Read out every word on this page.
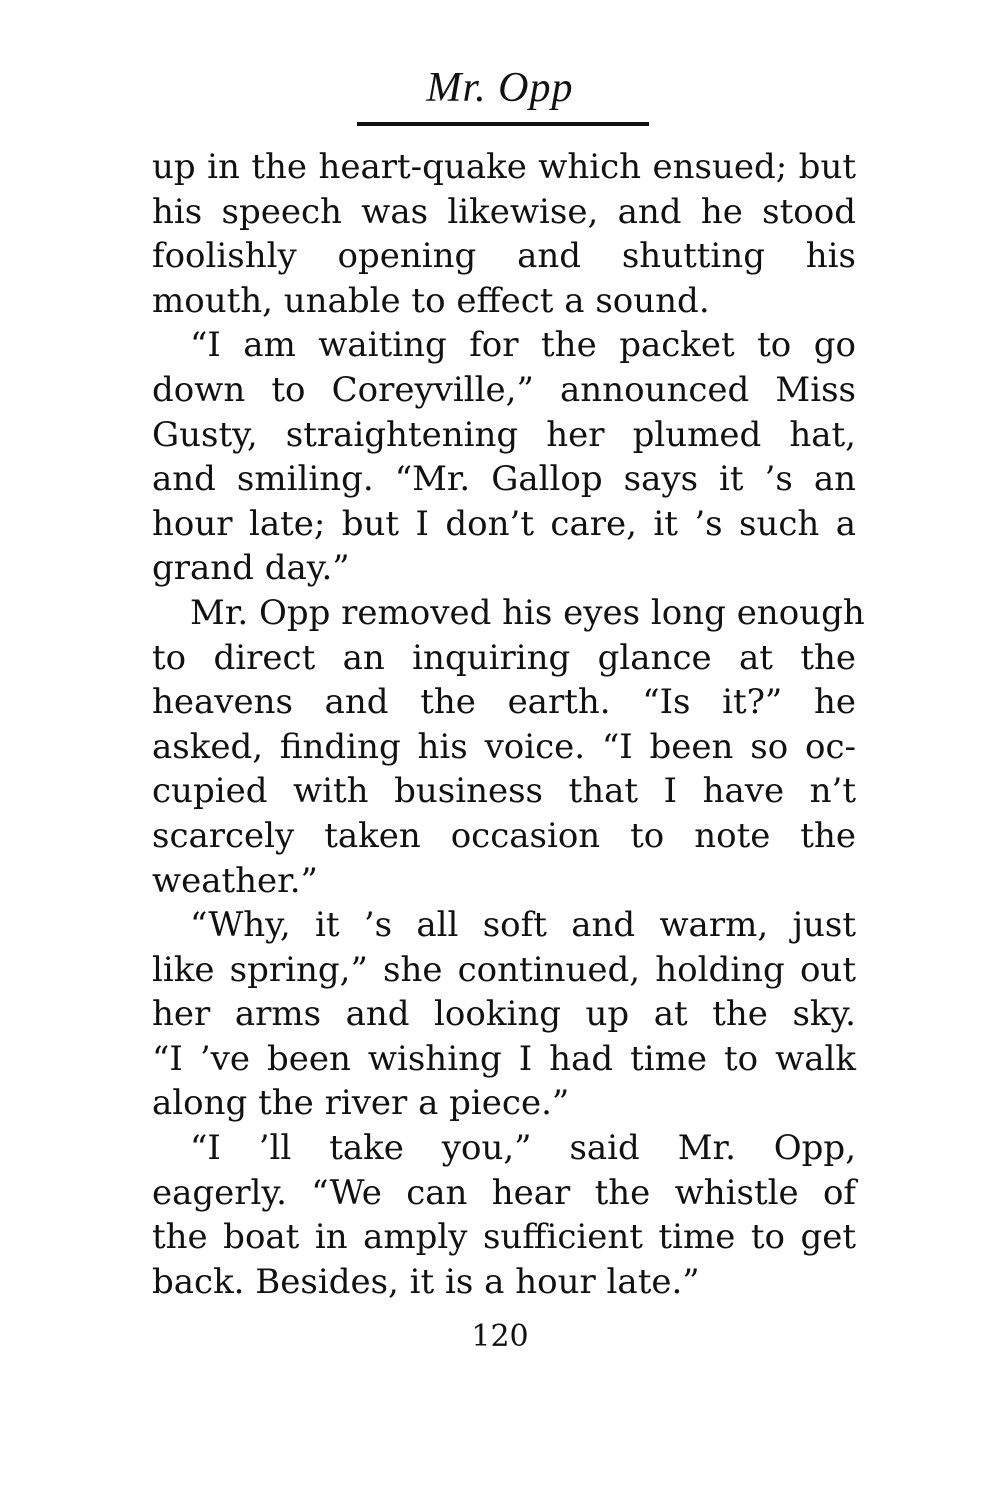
Mr. Opp
up in the heart-quake which ensued; but
his speech was likewise, and he stood
foolishly opening and shutting his
mouth, unable to effect a sound.
“I am waiting for the packet to go
down to Coreyville,” announced Miss
Gusty, straightening her plumed hat,
and smiling. “Mr. Gallop says it ’s an
hour late; but I don’t care, it ’s such a
grand day.”
Mr. Opp removed his eyes long enough
to direct an inquiring glance at the
heavens and the earth. “Is it?” he
asked, finding his voice. “I been so oc-
cupied with business that I have n’t
scarcely taken occasion to note the
weather.”
“Why, it ’s all soft and warm, just
like spring,” she continued, holding out
her arms and looking up at the sky.
“I ’ve been wishing I had time to walk
along the river a piece.”
“I ’ll take you,” said Mr. Opp,
eagerly. “We can hear the whistle of
the boat in amply sufficient time to get
back. Besides, it is a hour late.”
120
